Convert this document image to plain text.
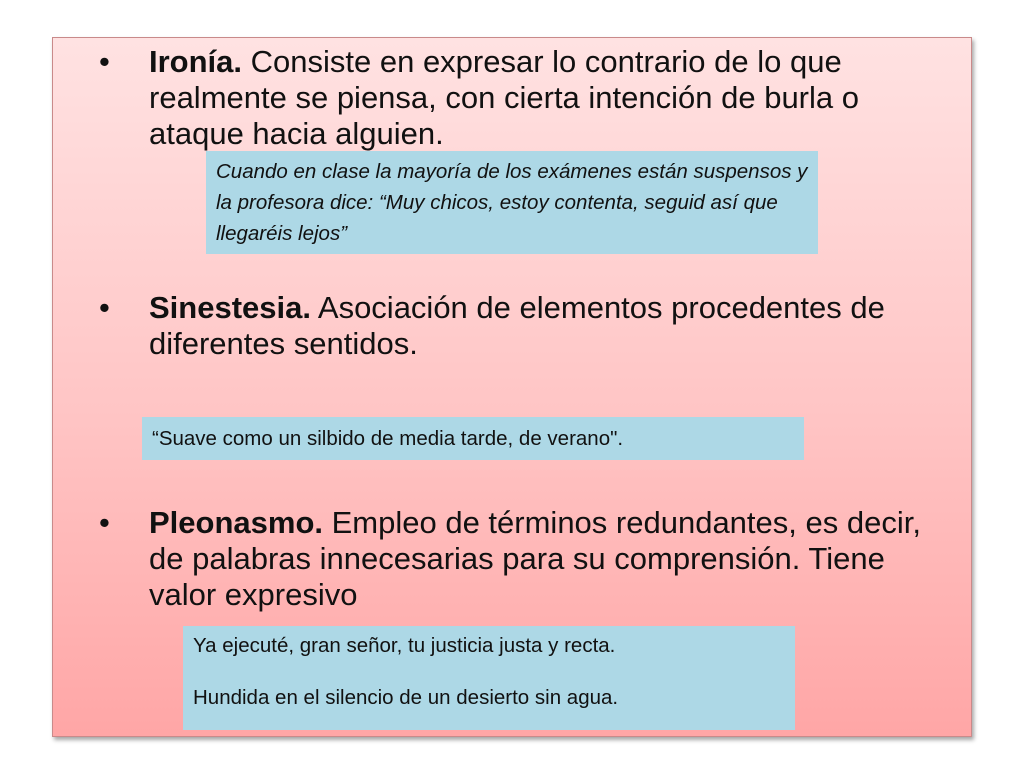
•	Ironía. Consiste en expresar lo contrario de lo que realmente se piensa, con cierta intención de burla o ataque hacia alguien.
Cuando en clase la mayoría de los exámenes están suspensos y la profesora dice: “Muy chicos, estoy contenta, seguid así que llegaréis lejos”
•	Sinestesia. Asociación de elementos procedentes de diferentes sentidos.
“Suave como un silbido de media tarde, de verano".
•	Pleonasmo. Empleo de términos redundantes, es decir, de palabras innecesarias para su comprensión. Tiene valor expresivo
Ya ejecuté, gran señor, tu justicia justa y recta.
Hundida en el silencio de un desierto sin agua.
